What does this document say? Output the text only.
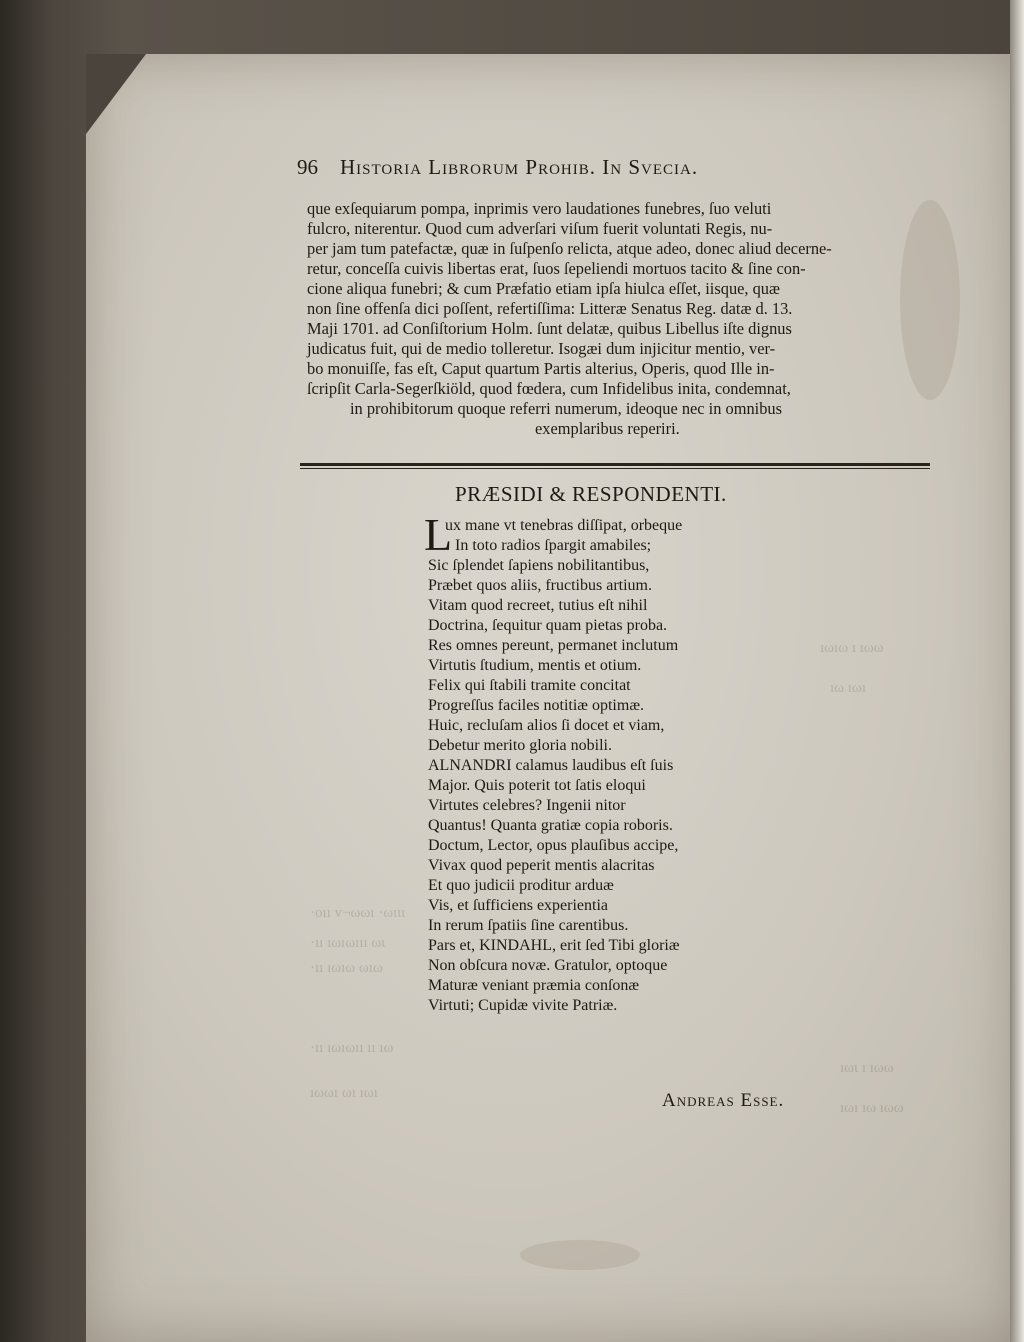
·oıı v¬ωωı ·ωιιι
·ıı ıωıωııı ωι
·ıı ıωıω ωıω
·ıı ıωıωıı ıı ıω
ıωωı ωı ıωı
ıωıω ı ıωω
ıω ıωı
ıωι ı ıωω
ıωı ıω ıωω
96 Historia Librorum Prohib. In Svecia.
que exſequiarum pompa, inprimis vero laudationes funebres, ſuo veluti
fulcro, niterentur. Quod cum adverſari viſum fuerit voluntati Regis, nu-
per jam tum patefactæ, quæ in ſuſpenſo relicta, atque adeo, donec aliud decerne-
retur, conceſſa cuivis libertas erat, ſuos ſepeliendi mortuos tacito & ſine con-
cione aliqua funebri; & cum Præfatio etiam ipſa hiulca eſſet, iisque, quæ
non ſine offenſa dici poſſent, refertiſſima: Litteræ Senatus Reg. datæ d. 13.
Maji 1701. ad Conſiſtorium Holm. ſunt delatæ, quibus Libellus iſte dignus
judicatus fuit, qui de medio tolleretur. Isogæi dum injicitur mentio, ver-
bo monuiſſe, fas eſt, Caput quartum Partis alterius, Operis, quod Ille in-
ſcripſit Carla-Segerſkiöld, quod fœdera, cum Infidelibus inita, condemnat,
in prohibitorum quoque referri numerum, ideoque nec in omnibus
exemplaribus reperiri.
PRÆSIDI & RESPONDENTI.
L
ux mane vt tenebras diſſipat, orbeque
In toto radios ſpargit amabiles;
Sic ſplendet ſapiens nobilitantibus,
Præbet quos aliis, fructibus artium.
Vitam quod recreet, tutius eſt nihil
Doctrina, ſequitur quam pietas proba.
Res omnes pereunt, permanet inclutum
Virtutis ſtudium, mentis et otium.
Felix qui ſtabili tramite concitat
Progreſſus faciles notitiæ optimæ.
Huic, recluſam alios ſi docet et viam,
Debetur merito gloria nobili.
ALNANDRI calamus laudibus eſt ſuis
Major. Quis poterit tot ſatis eloqui
Virtutes celebres? Ingenii nitor
Quantus! Quanta gratiæ copia roboris.
Doctum, Lector, opus plauſibus accipe,
Vivax quod peperit mentis alacritas
Et quo judicii proditur arduæ
Vis, et ſufficiens experientia
In rerum ſpatiis ſine carentibus.
Pars et, KINDAHL, erit ſed Tibi gloriæ
Non obſcura novæ. Gratulor, optoque
Maturæ veniant præmia conſonæ
Virtuti; Cupidæ vivite Patriæ.
Andreas Esse.
